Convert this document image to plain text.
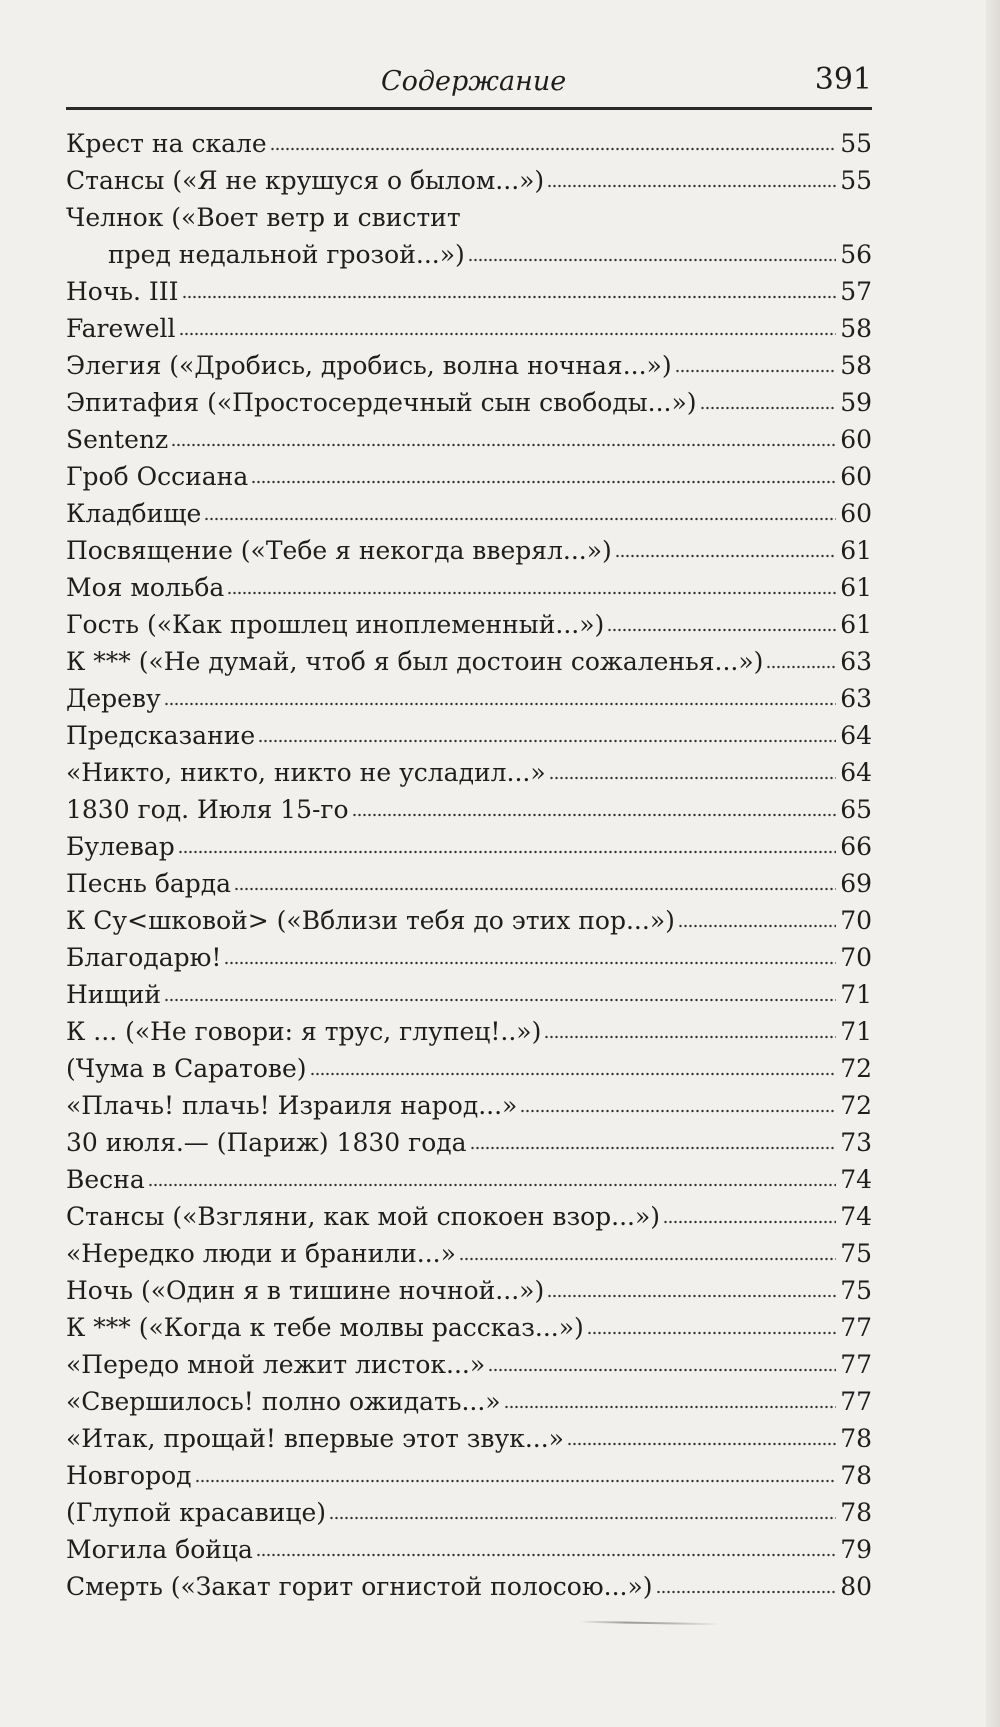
Содержание	391
Крест на скале	55
Стансы («Я не крушуся о былом...»)	55
Челнок («Воет ветр и свистит
пред недальной грозой...»)	56
Ночь. III	57
Farewell	58
Элегия («Дробись, дробись, волна ночная...»)	58
Эпитафия («Простосердечный сын свободы...»)	59
Sentenz	60
Гроб Оссиана	60
Кладбище	60
Посвящение («Тебе я некогда вверял...»)	61
Моя мольба	61
Гость («Как прошлец иноплеменный...»)	61
К *** («Не думай, чтоб я был достоин сожаленья...»)	63
Дереву	63
Предсказание	64
«Никто, никто, никто не усладил...»	64
1830 год. Июля 15-го	65
Булевар	66
Песнь барда	69
К Су<шковой> («Вблизи тебя до этих пор...»)	70
Благодарю!	70
Нищий	71
К ... («Не говори: я трус, глупец!..»)	71
(Чума в Саратове)	72
«Плачь! плачь! Израиля народ...»	72
30 июля.— (Париж) 1830 года	73
Весна	74
Стансы («Взгляни, как мой спокоен взор...»)	74
«Нередко люди и бранили...»	75
Ночь («Один я в тишине ночной...»)	75
К *** («Когда к тебе молвы рассказ...»)	77
«Передо мной лежит листок...»	77
«Свершилось! полно ожидать...»	77
«Итак, прощай! впервые этот звук...»	78
Новгород	78
(Глупой красавице)	78
Могила бойца	79
Смерть («Закат горит огнистой полосою...»)	80
